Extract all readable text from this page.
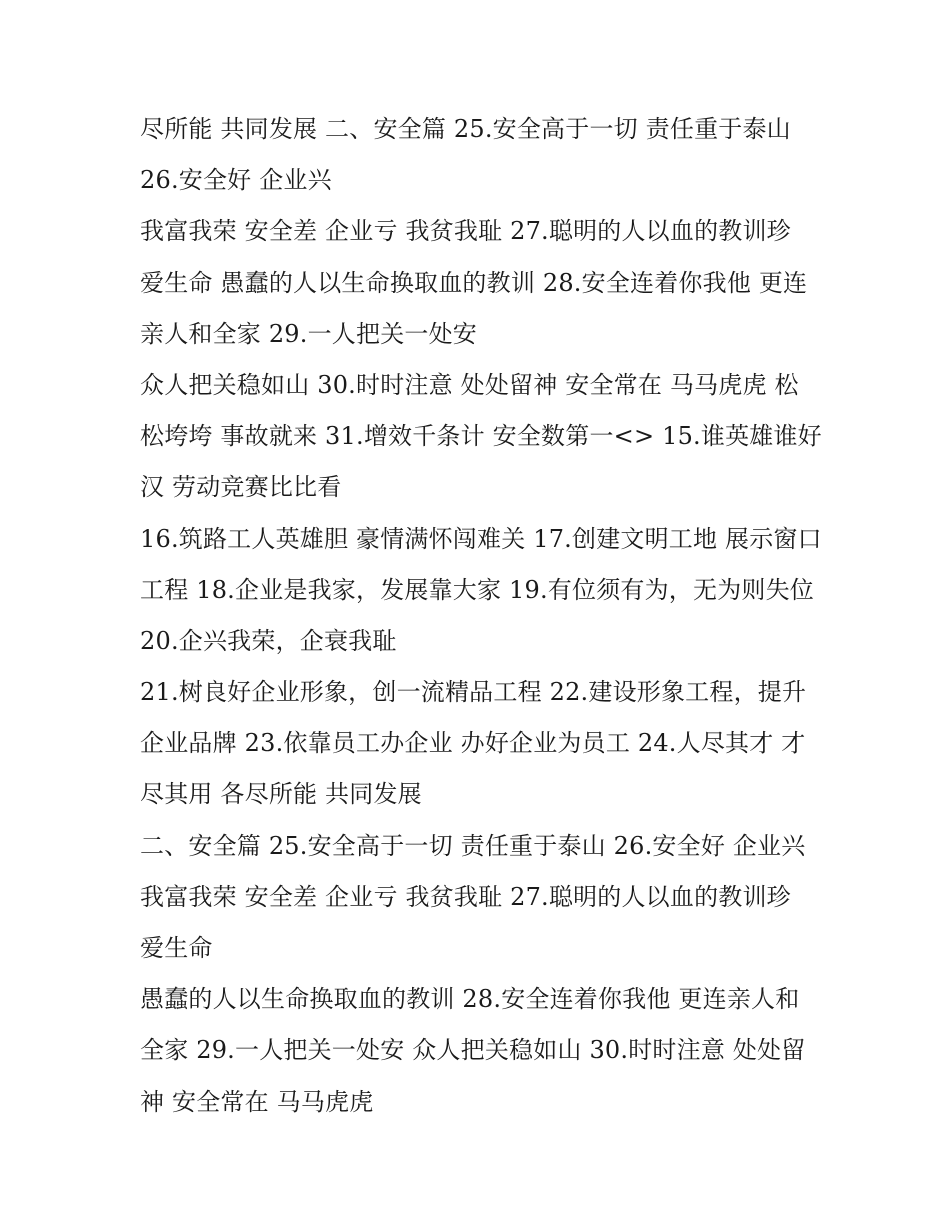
尽所能 共同发展 二、安全篇 25.安全高于一切 责任重于泰山
26.安全好 企业兴
我富我荣 安全差 企业亏 我贫我耻 27.聪明的人以血的教训珍
爱生命 愚蠢的人以生命换取血的教训 28.安全连着你我他 更连
亲人和全家 29.一人把关一处安
众人把关稳如山 30.时时注意 处处留神 安全常在 马马虎虎 松
松垮垮 事故就来 31.增效千条计 安全数第一<> 15.谁英雄谁好
汉 劳动竞赛比比看
16.筑路工人英雄胆 豪情满怀闯难关 17.创建文明工地 展示窗口
工程 18.企业是我家，发展靠大家 19.有位须有为，无为则失位
20.企兴我荣，企衰我耻
21.树良好企业形象，创一流精品工程 22.建设形象工程，提升
企业品牌 23.依靠员工办企业 办好企业为员工 24.人尽其才 才
尽其用 各尽所能 共同发展
二、安全篇 25.安全高于一切 责任重于泰山 26.安全好 企业兴
我富我荣 安全差 企业亏 我贫我耻 27.聪明的人以血的教训珍
爱生命
愚蠢的人以生命换取血的教训 28.安全连着你我他 更连亲人和
全家 29.一人把关一处安 众人把关稳如山 30.时时注意 处处留
神 安全常在 马马虎虎
